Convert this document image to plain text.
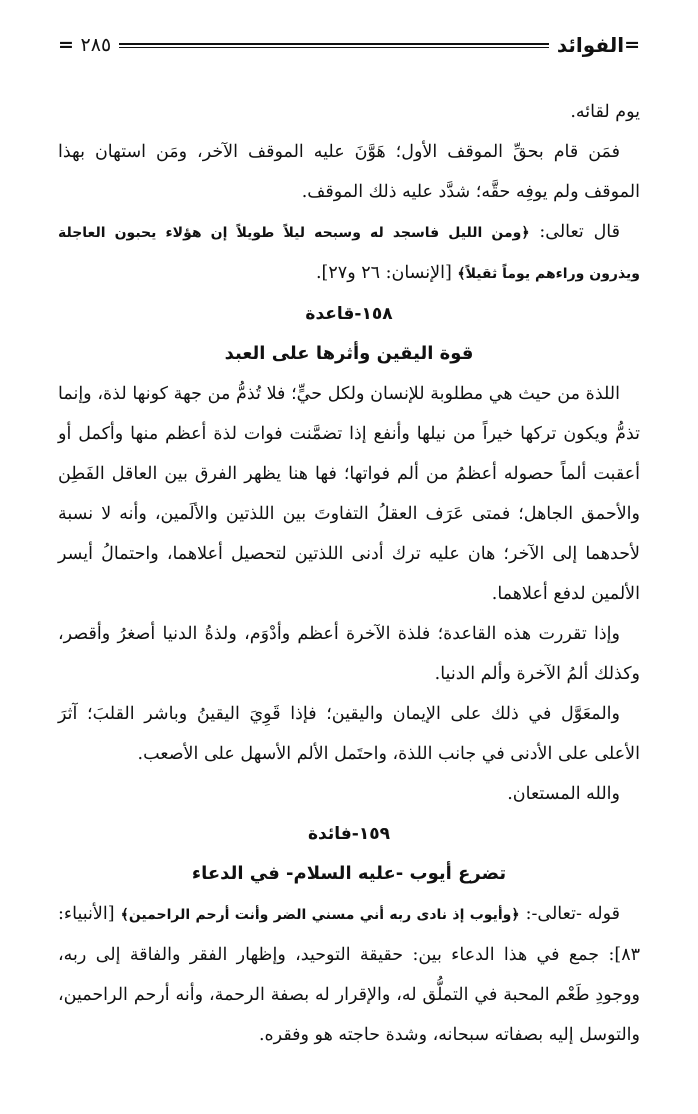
=
الفوائد
٢٨٥
=

يوم لقائه.

فمَن قام بحقِّ الموقف الأول؛ هَوَّنَ عليه الموقف الآخر، ومَن استهان بهذا الموقف ولم يوفِه حقَّه؛ شدَّد عليه ذلك الموقف.

قال تعالى: ﴿ومن الليل فاسجد له وسبحه ليلاً طويلاً إن هؤلاء يحبون العاجلة ويذرون وراءهم يوماً ثقيلاً﴾ [الإنسان: ٢٦ و٢٧].

١٥٨-قاعدة

قوة اليقين وأثرها على العبد

اللذة من حيث هي مطلوبة للإنسان ولكل حيٍّ؛ فلا تُذمُّ من جهة كونها لذة، وإنما تذمُّ ويكون تركها خيراً من نيلها وأنفع إذا تضمَّنت فوات لذة أعظم منها وأكمل أو أعقبت ألماً حصوله أعظمُ من ألم فواتها؛ فها هنا يظهر الفرق بين العاقل الفَطِن والأحمق الجاهل؛ فمتى عَرَف العقلُ التفاوتَ بين اللذتين والألَمين، وأنه لا نسبة لأحدهما إلى الآخر؛ هان عليه ترك أدنى اللذتين لتحصيل أعلاهما، واحتمالُ أيسر الألمين لدفع أعلاهما.

وإذا تقررت هذه القاعدة؛ فلذة الآخرة أعظم وأدْوَم، ولذةُ الدنيا أصغرُ وأقصر، وكذلك ألمُ الآخرة وألم الدنيا.

والمعَوَّل في ذلك على الإيمان واليقين؛ فإذا قَوِيَ اليقينُ وباشر القلبَ؛ آثرَ الأعلى على الأدنى في جانب اللذة، واحتَمل الألم الأسهل على الأصعب.

والله المستعان.

١٥٩-فائدة

تضرع أيوب -عليه السلام- في الدعاء

قوله -تعالى-: ﴿وأيوب إذ نادى ربه أني مسني الضر وأنت أرحم الراحمين﴾ [الأنبياء: ٨٣]: جمع في هذا الدعاء بين: حقيقة التوحيد، وإظهار الفقر والفاقة إلى ربه، ووجودِ طَعْم المحبة في التملُّق له، والإقرار له بصفة الرحمة، وأنه أرحم الراحمين، والتوسل إليه بصفاته سبحانه، وشدة حاجته هو وفقره.
